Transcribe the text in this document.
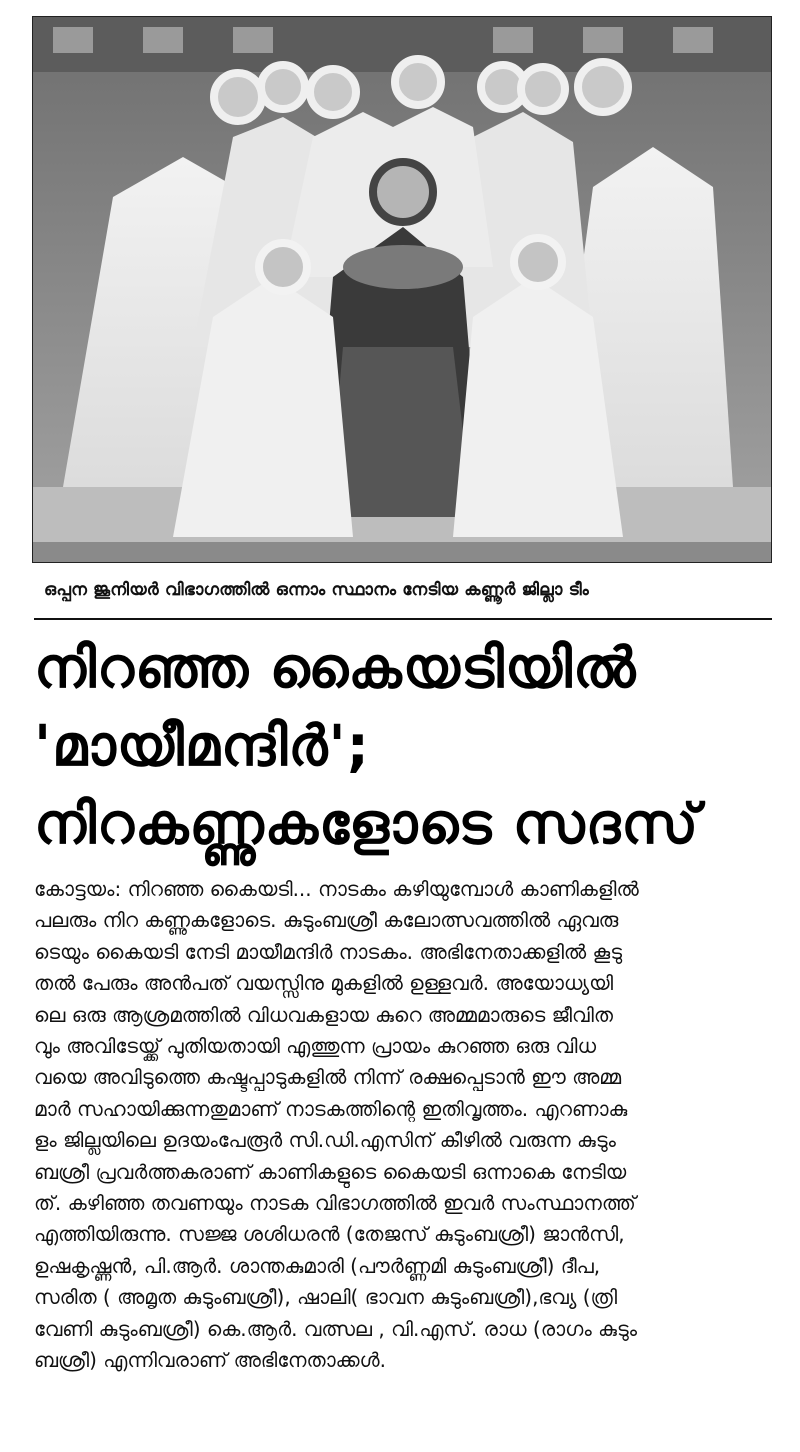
ഒപ്പന ജൂനിയർ വിഭാഗത്തിൽ ഒന്നാം സ്ഥാനം നേടിയ കണ്ണൂർ ജില്ലാ ടീം
നിറഞ്ഞ കൈയടിയിൽ
'മായീമന്ദിർ';
നിറകണ്ണുകളോടെ സദസ്
കോട്ടയം: നിറഞ്ഞ കൈയടി... നാടകം കഴിയുമ്പോൾ കാണികളിൽ
പലരും നിറ കണ്ണുകളോടെ. കുടുംബശ്രീ കലോത്സവത്തിൽ ഏവരു
ടെയും കൈയടി നേടി മായീമന്ദിർ നാടകം. അഭിനേതാക്കളിൽ കൂടു
തൽ പേരും അൻപത് വയസ്സിനു മുകളിൽ ഉള്ളവർ. അയോധ്യയി
ലെ ഒരു ആശ്രമത്തിൽ വിധവകളായ കുറെ അമ്മമാരുടെ ജീവിത
വും അവിടേയ്ക്ക് പുതിയതായി എത്തുന്ന പ്രായം കുറഞ്ഞ ഒരു വിധ
വയെ അവിടുത്തെ കഷ്ടപ്പാടുകളിൽ നിന്ന് രക്ഷപ്പെടാൻ ഈ അമ്മ
മാർ സഹായിക്കുന്നതുമാണ് നാടകത്തിന്റെ ഇതിവൃത്തം. എറണാകു
ളം ജില്ലയിലെ ഉദയംപേരൂർ സി.ഡി.എസിന് കീഴിൽ വരുന്ന കുടും
ബശ്രീ പ്രവർത്തകരാണ് കാണികളുടെ കൈയടി ഒന്നാകെ നേടിയ
ത്. കഴിഞ്ഞ തവണയും നാടക വിഭാഗത്തിൽ ഇവർ സംസ്ഥാനത്ത്
എത്തിയിരുന്നു. സജ്ജ ശശിധരൻ (തേജസ് കുടുംബശ്രീ) ജാൻസി,
ഉഷകൃഷ്ണൻ, പി.ആർ. ശാന്തകുമാരി (പൗർണ്ണമി കുടുംബശ്രീ) ദീപ,
സരിത ( അമൃത കുടുംബശ്രീ), ഷാലി( ഭാവന കുടുംബശ്രീ),ഭവ്യ (ത്രി
വേണി കുടുംബശ്രീ) കെ.ആർ. വത്സല , വി.എസ്. രാധ (രാഗം കുടും
ബശ്രീ) എന്നിവരാണ് അഭിനേതാക്കൾ.
